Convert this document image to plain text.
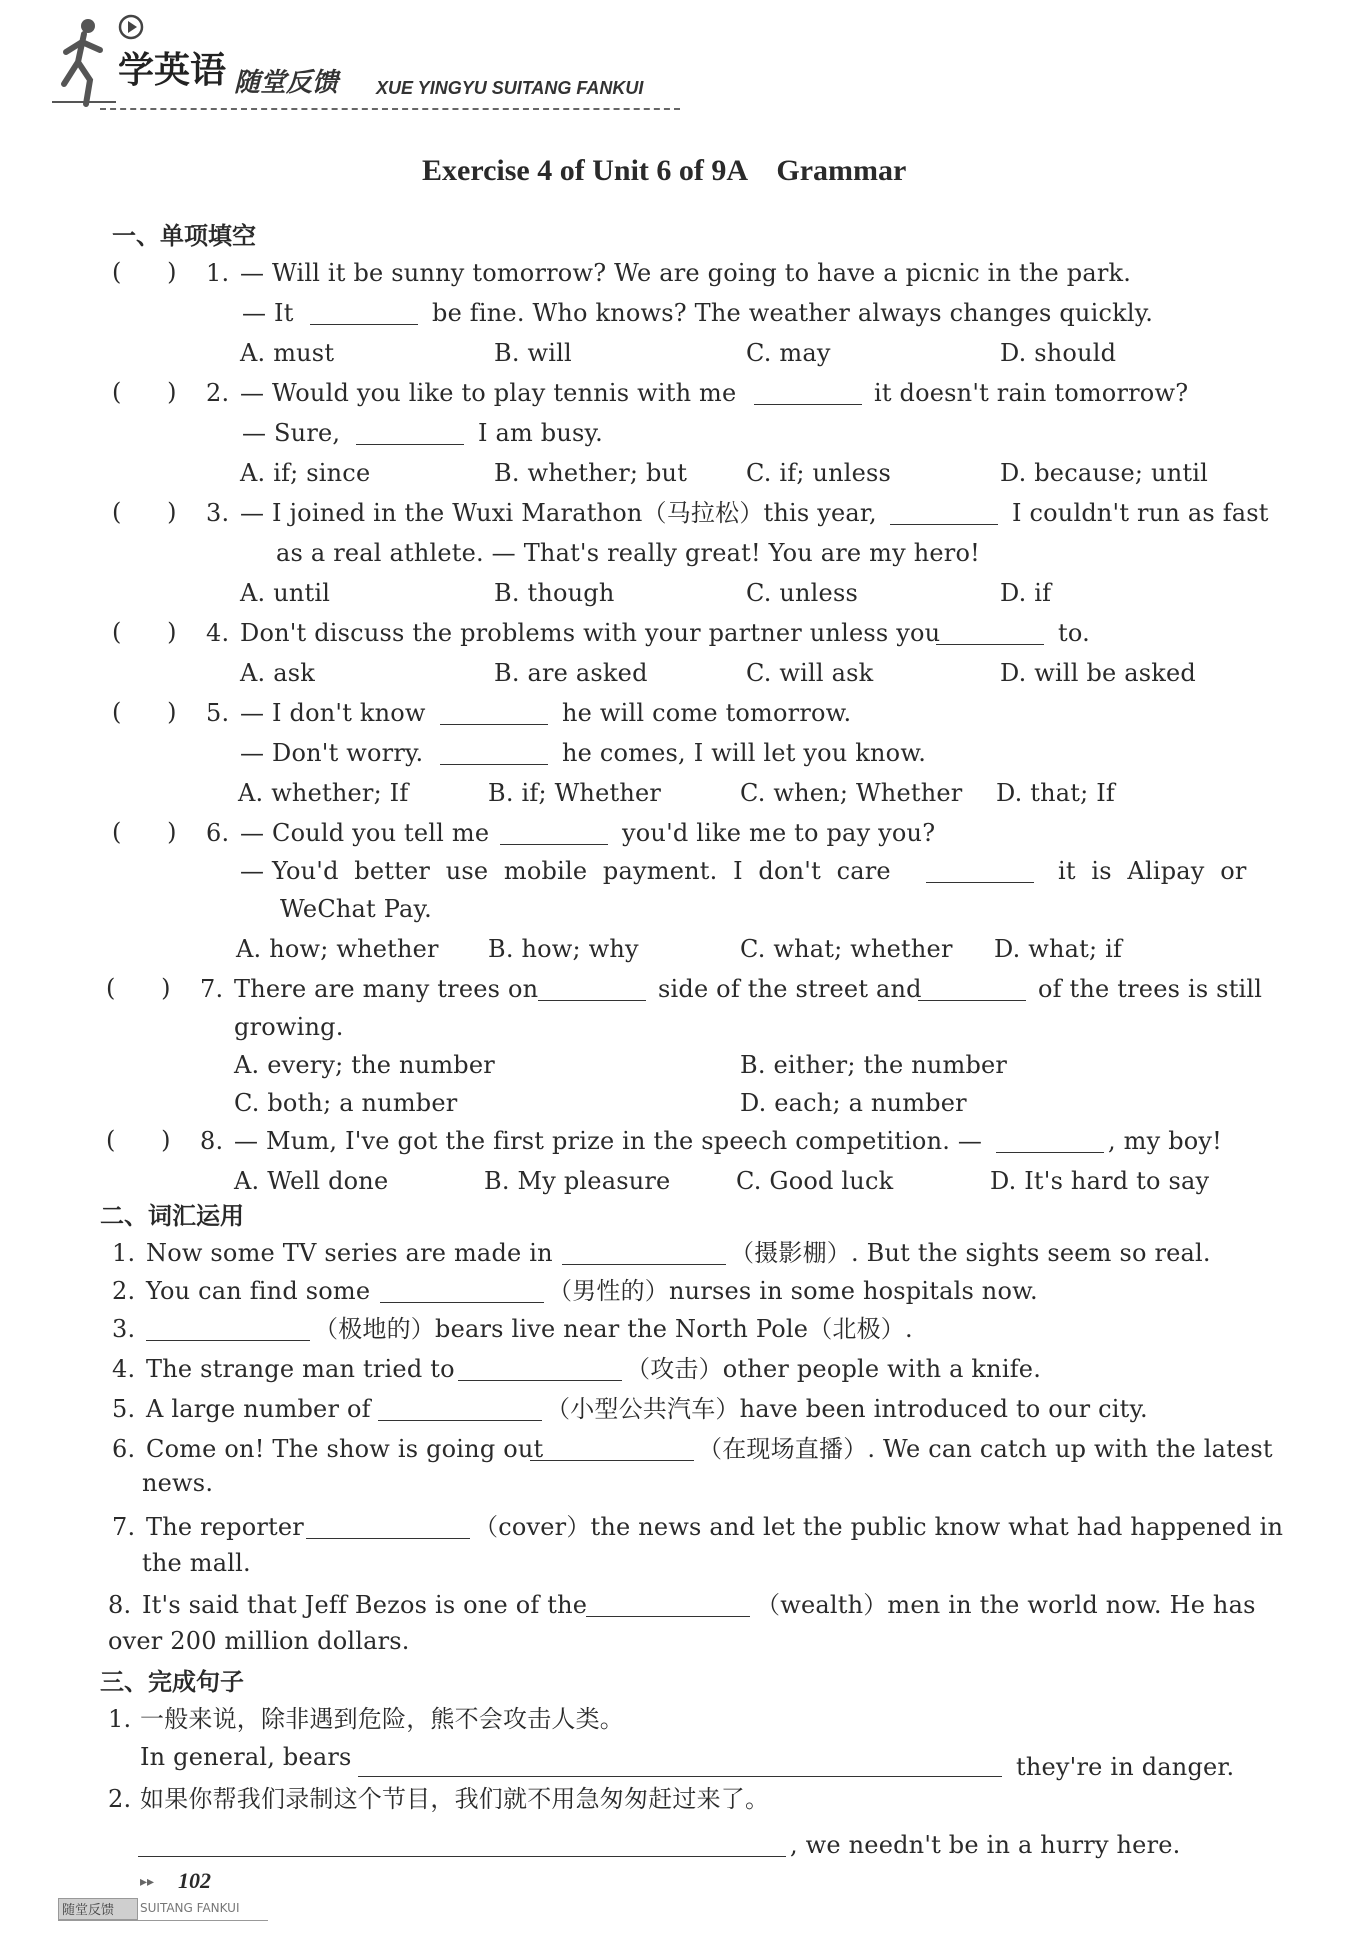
学英语 随堂反馈 XUE YINGYU SUITANG FANKUI
Exercise 4 of Unit 6 of 9A    Grammar
一、单项填空
(      ) 1. — Will it be sunny tomorrow? We are going to have a picnic in the park.
— It	be fine. Who knows? The weather always changes quickly.
A. must	B. will	C. may	D. should
(      ) 2. — Would you like to play tennis with me	it doesn't rain tomorrow?
— Sure,	I am busy.
A. if; since	B. whether; but C. if; unless	D. because; until
(      ) 3. — I joined in the Wuxi Marathon（马拉松）this year,	I couldn't run as fast
as a real athlete. — That's really great! You are my hero!
A. until	B. though	C. unless	D. if
(      ) 4. Don't discuss the problems with your partner unless you	to.
A. ask	B. are asked	C. will ask	D. will be asked
(      ) 5. — I don't know	he will come tomorrow.
— Don't worry.	he comes, I will let you know.
A. whether; If	B. if; Whether	C. when; Whether D. that; If
(      ) 6. — Could you tell me	you'd like me to pay you?
— You'd  better  use  mobile  payment.  I  don't  care	it  is  Alipay  or
WeChat Pay.
A. how; whether B. how; why	C. what; whether D. what; if
(      ) 7. There are many trees on	side of the street and	of the trees is still
growing.
A. every; the number	B. either; the number
C. both; a number	D. each; a number
(      ) 8. — Mum, I've got the first prize in the speech competition. —	, my boy!
A. Well done	B. My pleasure	C. Good luck	D. It's hard to say
二、词汇运用
1. Now some TV series are made in	（摄影棚）. But the sights seem so real.
2. You can find some	（男性的）nurses in some hospitals now.
3.	（极地的）bears live near the North Pole（北极）.
4. The strange man tried to	（攻击）other people with a knife.
5. A large number of	（小型公共汽车）have been introduced to our city.
6. Come on! The show is going out	（在现场直播）. We can catch up with the latest
news.
7. The reporter	（cover）the news and let the public know what had happened in
the mall.
8. It's said that Jeff Bezos is one of the	（wealth）men in the world now. He has
over 200 million dollars.
三、完成句子
1. 一般来说，除非遇到危险，熊不会攻击人类。
In general, bears	they're in danger.
2. 如果你帮我们录制这个节目，我们就不用急匆匆赶过来了。
, we needn't be in a hurry here.
▸▸ 102
随堂反馈 SUITANG FANKUI
